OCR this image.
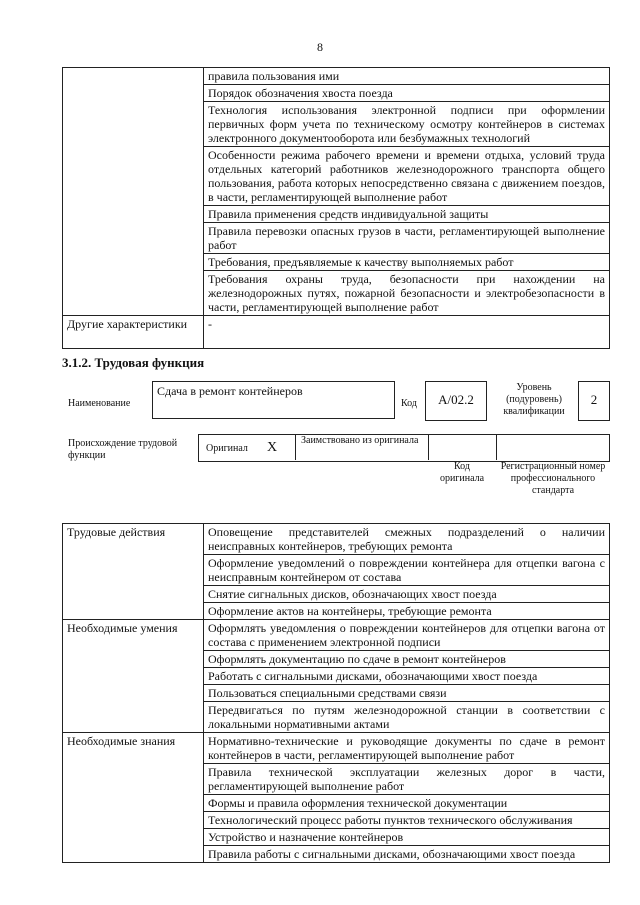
8
	правила пользования ими
	Порядок обозначения хвоста поезда
	Технология использования электронной подписи при оформлении первичных форм учета по техническому осмотру контейнеров в системах электронного документооборота или безбумажных технологий
	Особенности режима рабочего времени и времени отдыха, условий труда отдельных категорий работников железнодорожного транспорта общего пользования, работа которых непосредственно связана с движением поездов, в части, регламентирующей выполнение работ
	Правила применения средств индивидуальной защиты
	Правила перевозки опасных грузов в части, регламентирующей выполнение работ
	Требования, предъявляемые к качеству выполняемых работ
	Требования охраны труда, безопасности при нахождении на железнодорожных путях, пожарной безопасности и электробезопасности в части, регламентирующей выполнение работ
Другие характеристики	-
3.1.2. Трудовая функция
Наименование
Сдача в ремонт контейнеров
Код	A/02.2
Уровень (подуровень) квалификации
2
Происхождение трудовой функции
Оригинал X Заимствовано из оригинала
Код оригинала
Регистрационный номер профессионального стандарта
Трудовые действия	Оповещение представителей смежных подразделений о наличии неисправных контейнеров, требующих ремонта
	Оформление уведомлений о повреждении контейнера для отцепки вагона с неисправным контейнером от состава
	Снятие сигнальных дисков, обозначающих хвост поезда
	Оформление актов на контейнеры, требующие ремонта
Необходимые умения	Оформлять уведомления о повреждении контейнеров для отцепки вагона от состава с применением электронной подписи
	Оформлять документацию по сдаче в ремонт контейнеров
	Работать с сигнальными дисками, обозначающими хвост поезда
	Пользоваться специальными средствами связи
	Передвигаться по путям железнодорожной станции в соответствии с локальными нормативными актами
Необходимые знания	Нормативно-технические и руководящие документы по сдаче в ремонт контейнеров в части, регламентирующей выполнение работ
	Правила технической эксплуатации железных дорог в части, регламентирующей выполнение работ
	Формы и правила оформления технической документации
	Технологический процесс работы пунктов технического обслуживания
	Устройство и назначение контейнеров
	Правила работы с сигнальными дисками, обозначающими хвост поезда
